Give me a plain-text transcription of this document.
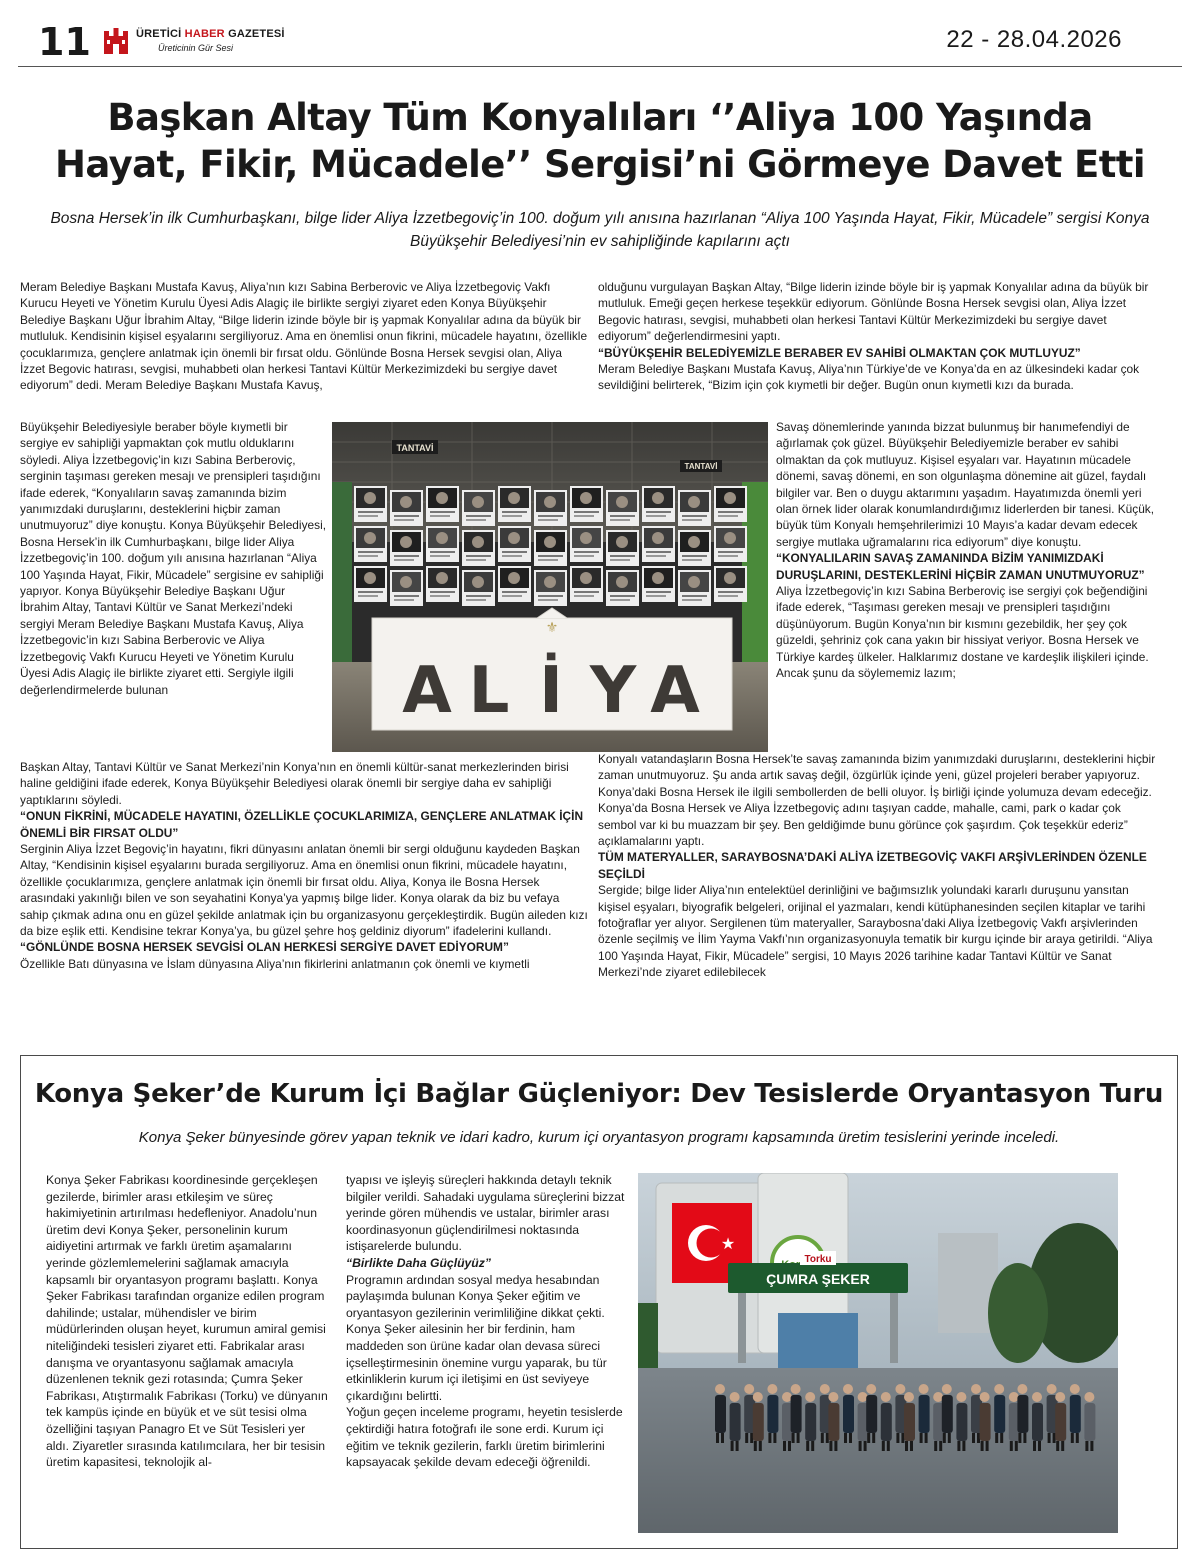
11	ÜRETİCİ HABER GAZETESİ
Üreticinin Gür Sesi	22 - 28.04.2026
Başkan Altay Tüm Konyalıları ‘’Aliya 100 Yaşında
Hayat, Fikir, Mücadele’’ Sergisi’ni Görmeye Davet Etti

Bosna Hersek’in ilk Cumhurbaşkanı, bilge lider Aliya İzzetbegoviç’in 100. doğum yılı anısına hazırlanan “Aliya 100 Yaşında Hayat, Fikir, Mücadele” sergisi Konya Büyükşehir Belediyesi’nin ev sahipliğinde kapılarını açtı

Meram Belediye Başkanı Mustafa Kavuş, Aliya’nın kızı Sabina Berberovic ve Aliya İzzetbegoviç Vakfı Kurucu Heyeti ve Yönetim Kurulu Üyesi Adis Alagiç ile birlikte sergiyi ziyaret eden Konya Büyükşehir Belediye Başkanı Uğur İbrahim Altay, “Bilge liderin izinde böyle bir iş yapmak Konyalılar adına da büyük bir mutluluk. Kendisinin kişisel eşyalarını sergiliyoruz. Ama en önemlisi onun fikrini, mücadele hayatını, özellikle çocuklarımıza, gençlere anlatmak için önemli bir fırsat oldu. Gönlünde Bosna Hersek sevgisi olan, Aliya İzzet Begovic hatırası, sevgisi, muhabbeti olan herkesi Tantavi Kültür Merkezimizdeki bu sergiye davet ediyorum” dedi. Meram Belediye Başkanı Mustafa Kavuş,

Büyükşehir Belediyesiyle beraber böyle kıymetli bir sergiye ev sahipliği yapmaktan çok mutlu olduklarını söyledi. Aliya İzzetbegoviç’in kızı Sabina Berberoviç, serginin taşıması gereken mesajı ve prensipleri taşıdığını ifade ederek, “Konyalıların savaş zamanında bizim yanımızdaki duruşlarını, desteklerini hiçbir zaman unutmuyoruz” diye konuştu. Konya Büyükşehir Belediyesi, Bosna Hersek’in ilk Cumhurbaşkanı, bilge lider Aliya İzzetbegoviç’in 100. doğum yılı anısına hazırlanan “Aliya 100 Yaşında Hayat, Fikir, Mücadele” sergisine ev sahipliği yapıyor. Konya Büyükşehir Belediye Başkanı Uğur İbrahim Altay, Tantavi Kültür ve Sanat Merkezi’ndeki sergiyi Meram Belediye Başkanı Mustafa Kavuş, Aliya İzzetbegovic’in kızı Sabina Berberovic ve Aliya İzzetbegoviç Vakfı Kurucu Heyeti ve Yönetim Kurulu Üyesi Adis Alagiç ile birlikte ziyaret etti. Sergiyle ilgili değerlendirmelerde bulunan

TANTAVİ
TANTAVİ
⚜
A L İ Y A

Başkan Altay, Tantavi Kültür ve Sanat Merkezi’nin Konya’nın en önemli kültür-sanat merkezlerinden birisi haline geldiğini ifade ederek, Konya Büyükşehir Belediyesi olarak önemli bir sergiye daha ev sahipliği yaptıklarını söyledi.

“ONUN FİKRİNİ, MÜCADELE HAYATINI, ÖZELLİKLE ÇOCUKLARIMIZA, GENÇLERE ANLATMAK İÇİN ÖNEMLİ BİR FIRSAT OLDU”

Serginin Aliya İzzet Begoviç’in hayatını, fikri dünyasını anlatan önemli bir sergi olduğunu kaydeden Başkan Altay, “Kendisinin kişisel eşyalarını burada sergiliyoruz. Ama en önemlisi onun fikrini, mücadele hayatını, özellikle çocuklarımıza, gençlere anlatmak için önemli bir fırsat oldu. Aliya, Konya ile Bosna Hersek arasındaki yakınlığı bilen ve son seyahatini Konya’ya yapmış bilge lider. Konya olarak da biz bu vefaya sahip çıkmak adına onu en güzel şekilde anlatmak için bu organizasyonu gerçekleştirdik. Bugün aileden kızı da bize eşlik etti. Kendisine tekrar Konya’ya, bu güzel şehre hoş geldiniz diyorum” ifadelerini kullandı.

“GÖNLÜNDE BOSNA HERSEK SEVGİSİ OLAN HERKESİ SERGİYE DAVET EDİYORUM”

Özellikle Batı dünyasına ve İslam dünyasına Aliya’nın fikirlerini anlatmanın çok önemli ve kıymetli

olduğunu vurgulayan Başkan Altay, “Bilge liderin izinde böyle bir iş yapmak Konyalılar adına da büyük bir mutluluk. Emeği geçen herkese teşekkür ediyorum. Gönlünde Bosna Hersek sevgisi olan, Aliya İzzet Begovic hatırası, sevgisi, muhabbeti olan herkesi Tantavi Kültür Merkezimizdeki bu sergiye davet ediyorum” değerlendirmesini yaptı.

“BÜYÜKŞEHİR BELEDİYEMİZLE BERABER EV SAHİBİ OLMAKTAN ÇOK MUTLUYUZ”

Meram Belediye Başkanı Mustafa Kavuş, Aliya’nın Türkiye’de ve Konya’da en az ülkesindeki kadar çok sevildiğini belirterek, “Bizim için çok kıymetli bir değer. Bugün onun kıymetli kızı da burada.

Savaş dönemlerinde yanında bizzat bulunmuş bir hanımefendiyi de ağırlamak çok güzel. Büyükşehir Belediyemizle beraber ev sahibi olmaktan da çok mutluyuz. Kişisel eşyaları var. Hayatının mücadele dönemi, savaş dönemi, en son olgunlaşma dönemine ait güzel, faydalı bilgiler var. Ben o duygu aktarımını yaşadım. Hayatımızda önemli yeri olan örnek lider olarak konumlandırdığımız liderlerden bir tanesi. Küçük, büyük tüm Konyalı hemşehrilerimizi 10 Mayıs’a kadar devam edecek sergiye mutlaka uğramalarını rica ediyorum” diye konuştu.

“KONYALILARIN SAVAŞ ZAMANINDA BİZİM YANIMIZDAKİ DURUŞLARINI, DESTEKLERİNİ HİÇBİR ZAMAN UNUTMUYORUZ”

Aliya İzzetbegoviç’in kızı Sabina Berberoviç ise sergiyi çok beğendiğini ifade ederek, “Taşıması gereken mesajı ve prensipleri taşıdığını düşünüyorum. Bugün Konya’nın bir kısmını gezebildik, her şey çok güzeldi, şehriniz çok cana yakın bir hissiyat veriyor. Bosna Hersek ve Türkiye kardeş ülkeler. Halklarımız dostane ve kardeşlik ilişkileri içinde. Ancak şunu da söylememiz lazım;

Konyalı vatandaşların Bosna Hersek’te savaş zamanında bizim yanımızdaki duruşlarını, desteklerini hiçbir zaman unutmuyoruz. Şu anda artık savaş değil, özgürlük içinde yeni, güzel projeleri beraber yapıyoruz. Konya’daki Bosna Hersek ile ilgili sembollerden de belli oluyor. İş birliği içinde yolumuza devam edeceğiz. Konya’da Bosna Hersek ve Aliya İzzetbegoviç adını taşıyan cadde, mahalle, cami, park o kadar çok sembol var ki bu muazzam bir şey. Ben geldiğimde bunu görünce çok şaşırdım. Çok teşekkür ederiz” açıklamalarını yaptı.

TÜM MATERYALLER, SARAYBOSNA’DAKİ ALİYA İZETBEGOVİÇ VAKFI ARŞİVLERİNDEN ÖZENLE SEÇİLDİ

Sergide; bilge lider Aliya’nın entelektüel derinliğini ve bağımsızlık yolundaki kararlı duruşunu yansıtan kişisel eşyaları, biyografik belgeleri, orijinal el yazmaları, kendi kütüphanesinden seçilen kitaplar ve tarihi fotoğraflar yer alıyor. Sergilenen tüm materyaller, Saraybosna’daki Aliya İzetbegoviç Vakfı arşivlerinden özenle seçilmiş ve İlim Yayma Vakfı’nın organizasyonuyla tematik bir kurgu içinde bir araya getirildi. “Aliya 100 Yaşında Hayat, Fikir, Mücadele” sergisi, 10 Mayıs 2026 tarihine kadar Tantavi Kültür ve Sanat Merkezi’nde ziyaret edilebilecek

Konya Şeker’de Kurum İçi Bağlar Güçleniyor: Dev Tesislerde Oryantasyon Turu

Konya Şeker bünyesinde görev yapan teknik ve idari kadro, kurum içi oryantasyon programı kapsamında üretim tesislerini yerinde inceledi.

Konya Şeker Fabrikası koordinesinde gerçekleşen gezilerde, birimler arası etkileşim ve süreç hakimiyetinin artırılması hedefleniyor. Anadolu’nun üretim devi Konya Şeker, personelinin kurum aidiyetini artırmak ve farklı üretim aşamalarını yerinde gözlemlemelerini sağlamak amacıyla kapsamlı bir oryantasyon programı başlattı. Konya Şeker Fabrikası tarafından organize edilen program dahilinde; ustalar, mühendisler ve birim müdürlerinden oluşan heyet, kurumun amiral gemisi niteliğindeki tesisleri ziyaret etti. Fabrikalar arası danışma ve oryantasyonu sağlamak amacıyla düzenlenen teknik gezi rotasında; Çumra Şeker Fabrikası, Atıştırmalık Fabrikası (Torku) ve dünyanın tek kampüs içinde en büyük et ve süt tesisi olma özelliğini taşıyan Panagro Et ve Süt Tesisleri yer aldı. Ziyaretler sırasında katılımcılara, her bir tesisin üretim kapasitesi, teknolojik al-

tyapısı ve işleyiş süreçleri hakkında detaylı teknik bilgiler verildi. Sahadaki uygulama süreçlerini bizzat yerinde gören mühendis ve ustalar, birimler arası koordinasyonun güçlendirilmesi noktasında istişarelerde bulundu.

“Birlikte Daha Güçlüyüz”

Programın ardından sosyal medya hesabından paylaşımda bulunan Konya Şeker eğitim ve oryantasyon gezilerinin verimliliğine dikkat çekti. Konya Şeker ailesinin her bir ferdinin, ham maddeden son ürüne kadar olan devasa süreci içselleştirmesinin önemine vurgu yaparak, bu tür etkinliklerin kurum içi iletişimi en üst seviyeye çıkardığını belirtti.

Yoğun geçen inceleme programı, heyetin tesislerde çektirdiği hatıra fotoğrafı ile sone erdi. Kurum içi eğitim ve teknik gezilerin, farklı üretim birimlerini kapsayacak şekilde devam edeceği öğrenildi.

★
Torku
ÇUMRA ŞEKER
